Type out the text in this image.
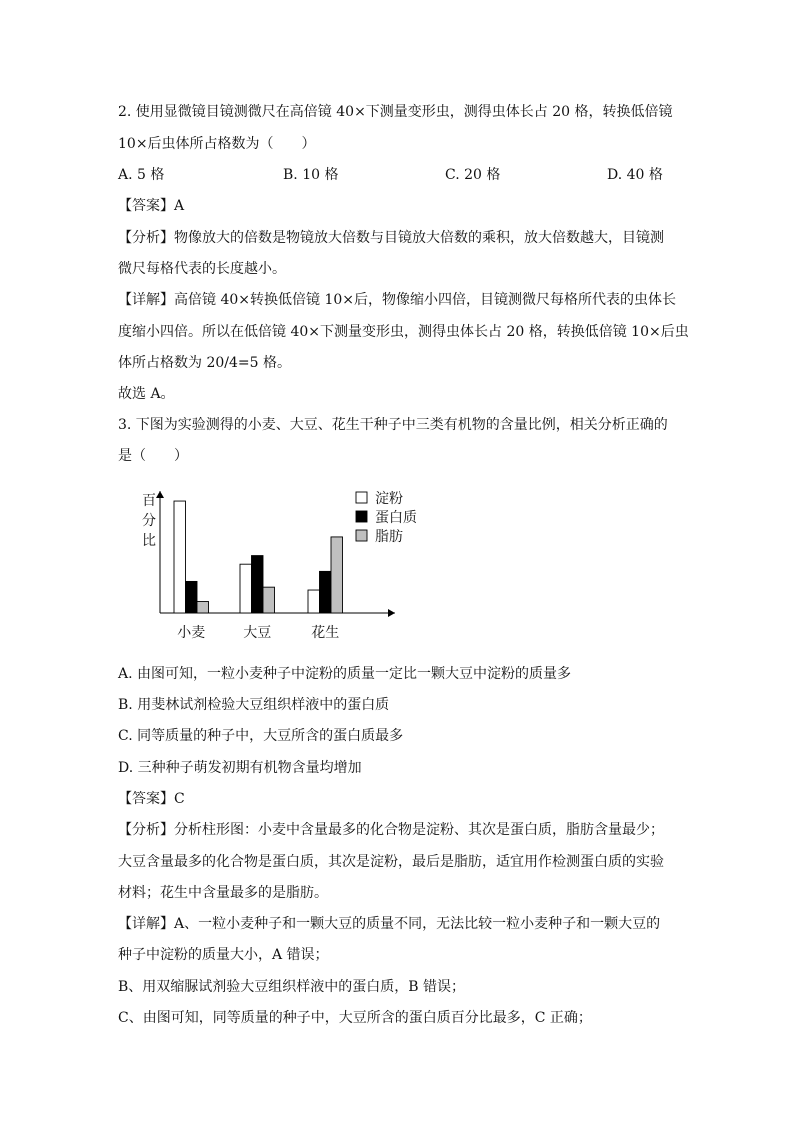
2. 使用显微镜目镜测微尺在高倍镜 40×下测量变形虫，测得虫体长占 20 格，转换低倍镜
10×后虫体所占格数为（　　）
A. 5 格	B. 10 格	C. 20 格	D. 40 格
【答案】A
【分析】物像放大的倍数是物镜放大倍数与目镜放大倍数的乘积，放大倍数越大，目镜测
微尺每格代表的长度越小。
【详解】高倍镜 40×转换低倍镜 10×后，物像缩小四倍，目镜测微尺每格所代表的虫体长
度缩小四倍。所以在低倍镜 40×下测量变形虫，测得虫体长占 20 格，转换低倍镜 10×后虫
体所占格数为 20/4=5 格。
故选 A。
3. 下图为实验测得的小麦、大豆、花生干种子中三类有机物的含量比例，相关分析正确的
是（　　）
百
分
比
小麦	大豆	花生
淀粉
蛋白质
脂肪
A. 由图可知，一粒小麦种子中淀粉的质量一定比一颗大豆中淀粉的质量多
B. 用斐林试剂检验大豆组织样液中的蛋白质
C. 同等质量的种子中，大豆所含的蛋白质最多
D. 三种种子萌发初期有机物含量均增加
【答案】C
【分析】分析柱形图：小麦中含量最多的化合物是淀粉、其次是蛋白质，脂肪含量最少；
大豆含量最多的化合物是蛋白质，其次是淀粉，最后是脂肪，适宜用作检测蛋白质的实验
材料；花生中含量最多的是脂肪。
【详解】A、一粒小麦种子和一颗大豆的质量不同，无法比较一粒小麦种子和一颗大豆的
种子中淀粉的质量大小，A 错误；
B、用双缩脲试剂验大豆组织样液中的蛋白质，B 错误；
C、由图可知，同等质量的种子中，大豆所含的蛋白质百分比最多，C 正确；
